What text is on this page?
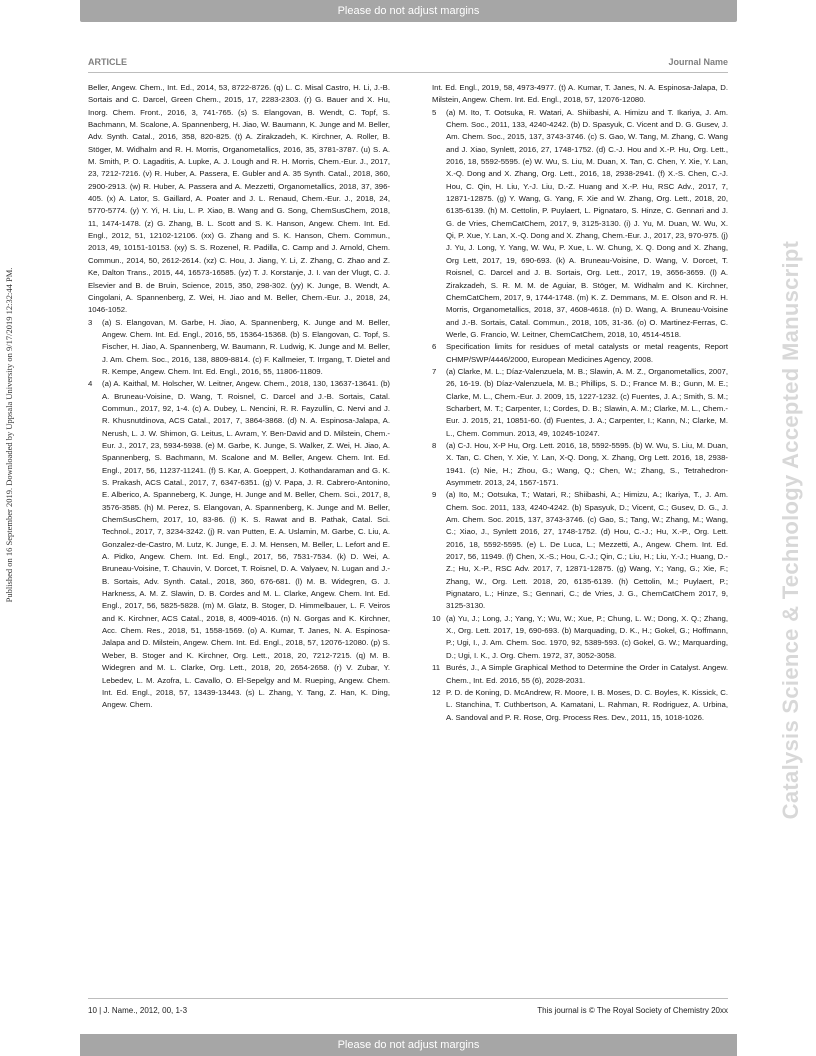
Please do not adjust margins
ARTICLE	Journal Name
Published on 16 September 2019. Downloaded by Uppsala University on 9/17/2019 12:32:44 PM.	Catalysis Science & Technology Accepted Manuscript

Beller, Angew. Chem., Int. Ed., 2014, 53, 8722-8726. (q) L. C. Misal Castro, H. Li, J.-B. Sortais and C. Darcel, Green Chem., 2015, 17, 2283-2303. (r) G. Bauer and X. Hu, Inorg. Chem. Front., 2016, 3, 741-765. (s) S. Elangovan, B. Wendt, C. Topf, S. Bachmann, M. Scalone, A. Spannenberg, H. Jiao, W. Baumann, K. Junge and M. Beller, Adv. Synth. Catal., 2016, 358, 820-825. (t) A. Zirakzadeh, K. Kirchner, A. Roller, B. Stöger, M. Widhalm and R. H. Morris, Organometallics, 2016, 35, 3781-3787. (u) S. A. M. Smith, P. O. Lagaditis, A. Lupke, A. J. Lough and R. H. Morris, Chem.-Eur. J., 2017, 23, 7212-7216. (v) R. Huber, A. Passera, E. Gubler and A. 35 Synth. Catal., 2018, 360, 2900-2913. (w) R. Huber, A. Passera and A. Mezzetti, Organometallics, 2018, 37, 396-405. (x) A. Lator, S. Gaillard, A. Poater and J. L. Renaud, Chem.-Eur. J., 2018, 24, 5770-5774. (y) Y. Yi, H. Liu, L. P. Xiao, B. Wang and G. Song, ChemSusChem, 2018, 11, 1474-1478. (z) G. Zhang, B. L. Scott and S. K. Hanson, Angew. Chem. Int. Ed. Engl., 2012, 51, 12102-12106. (xx) G. Zhang and S. K. Hanson, Chem. Commun., 2013, 49, 10151-10153. (xy) S. S. Rozenel, R. Padilla, C. Camp and J. Arnold, Chem. Commun., 2014, 50, 2612-2614. (xz) C. Hou, J. Jiang, Y. Li, Z. Zhang, C. Zhao and Z. Ke, Dalton Trans., 2015, 44, 16573-16585. (yz) T. J. Korstanje, J. I. van der Vlugt, C. J. Elsevier and B. de Bruin, Science, 2015, 350, 298-302. (yy) K. Junge, B. Wendt, A. Cingolani, A. Spannenberg, Z. Wei, H. Jiao and M. Beller, Chem.-Eur. J., 2018, 24, 1046-1052.

3 (a) S. Elangovan, M. Garbe, H. Jiao, A. Spannenberg, K. Junge and M. Beller, Angew. Chem. Int. Ed. Engl., 2016, 55, 15364-15368. (b) S. Elangovan, C. Topf, S. Fischer, H. Jiao, A. Spannenberg, W. Baumann, R. Ludwig, K. Junge and M. Beller, J. Am. Chem. Soc., 2016, 138, 8809-8814. (c) F. Kallmeier, T. Irrgang, T. Dietel and R. Kempe, Angew. Chem. Int. Ed. Engl., 2016, 55, 11806-11809.
4 (a) A. Kaithal, M. Holscher, W. Leitner, Angew. Chem., 2018, 130, 13637-13641. (b) A. Bruneau-Voisine, D. Wang, T. Roisnel, C. Darcel and J.-B. Sortais, Catal. Commun., 2017, 92, 1-4. (c) A. Dubey, L. Nencini, R. R. Fayzullin, C. Nervi and J. R. Khusnutdinova, ACS Catal., 2017, 7, 3864-3868. (d) N. A. Espinosa-Jalapa, A. Nerush, L. J. W. Shimon, G. Leitus, L. Avram, Y. Ben-David and D. Milstein, Chem.-Eur. J., 2017, 23, 5934-5938. (e) M. Garbe, K. Junge, S. Walker, Z. Wei, H. Jiao, A. Spannenberg, S. Bachmann, M. Scalone and M. Beller, Angew. Chem. Int. Ed. Engl., 2017, 56, 11237-11241. (f) S. Kar, A. Goeppert, J. Kothandaraman and G. K. S. Prakash, ACS Catal., 2017, 7, 6347-6351. (g) V. Papa, J. R. Cabrero-Antonino, E. Alberico, A. Spanneberg, K. Junge, H. Junge and M. Beller, Chem. Sci., 2017, 8, 3576-3585. (h) M. Perez, S. Elangovan, A. Spannenberg, K. Junge and M. Beller, ChemSusChem, 2017, 10, 83-86. (i) K. S. Rawat and B. Pathak, Catal. Sci. Technol., 2017, 7, 3234-3242. (j) R. van Putten, E. A. Uslamin, M. Garbe, C. Liu, A. Gonzalez-de-Castro, M. Lutz, K. Junge, E. J. M. Hensen, M. Beller, L. Lefort and E. A. Pidko, Angew. Chem. Int. Ed. Engl., 2017, 56, 7531-7534. (k) D. Wei, A. Bruneau-Voisine, T. Chauvin, V. Dorcet, T. Roisnel, D. A. Valyaev, N. Lugan and J.-B. Sortais, Adv. Synth. Catal., 2018, 360, 676-681. (l) M. B. Widegren, G. J. Harkness, A. M. Z. Slawin, D. B. Cordes and M. L. Clarke, Angew. Chem. Int. Ed. Engl., 2017, 56, 5825-5828. (m) M. Glatz, B. Stoger, D. Himmelbauer, L. F. Veiros and K. Kirchner, ACS Catal., 2018, 8, 4009-4016. (n) N. Gorgas and K. Kirchner, Acc. Chem. Res., 2018, 51, 1558-1569. (o) A. Kumar, T. Janes, N. A. Espinosa-Jalapa and D. Milstein, Angew. Chem. Int. Ed. Engl., 2018, 57, 12076-12080. (p) S. Weber, B. Stoger and K. Kirchner, Org. Lett., 2018, 20, 7212-7215. (q) M. B. Widegren and M. L. Clarke, Org. Lett., 2018, 20, 2654-2658. (r) V. Zubar, Y. Lebedev, L. M. Azofra, L. Cavallo, O. El-Sepelgy and M. Rueping, Angew. Chem. Int. Ed. Engl., 2018, 57, 13439-13443. (s) L. Zhang, Y. Tang, Z. Han, K. Ding, Angew. Chem.

Int. Ed. Engl., 2019, 58, 4973-4977. (t) A. Kumar, T. Janes, N. A. Espinosa-Jalapa, D. Milstein, Angew. Chem. Int. Ed. Engl., 2018, 57, 12076-12080.

5 (a) M. Ito, T. Ootsuka, R. Watari, A. Shiibashi, A. Himizu and T. Ikariya, J. Am. Chem. Soc., 2011, 133, 4240-4242. (b) D. Spasyuk, C. Vicent and D. G. Gusev, J. Am. Chem. Soc., 2015, 137, 3743-3746. (c) S. Gao, W. Tang, M. Zhang, C. Wang and J. Xiao, Synlett, 2016, 27, 1748-1752. (d) C.-J. Hou and X.-P. Hu, Org. Lett., 2016, 18, 5592-5595. (e) W. Wu, S. Liu, M. Duan, X. Tan, C. Chen, Y. Xie, Y. Lan, X.-Q. Dong and X. Zhang, Org. Lett., 2016, 18, 2938-2941. (f) X.-S. Chen, C.-J. Hou, C. Qin, H. Liu, Y.-J. Liu, D.-Z. Huang and X.-P. Hu, RSC Adv., 2017, 7, 12871-12875. (g) Y. Wang, G. Yang, F. Xie and W. Zhang, Org. Lett., 2018, 20, 6135-6139. (h) M. Cettolin, P. Puylaert, L. Pignataro, S. Hinze, C. Gennari and J. G. de Vries, ChemCatChem, 2017, 9, 3125-3130. (i) J. Yu, M. Duan, W. Wu, X. Qi, P. Xue, Y. Lan, X.-Q. Dong and X. Zhang, Chem.-Eur. J., 2017, 23, 970-975. (j) J. Yu, J. Long, Y. Yang, W. Wu, P. Xue, L. W. Chung, X. Q. Dong and X. Zhang, Org Lett, 2017, 19, 690-693. (k) A. Bruneau-Voisine, D. Wang, V. Dorcet, T. Roisnel, C. Darcel and J. B. Sortais, Org. Lett., 2017, 19, 3656-3659. (l) A. Zirakzadeh, S. R. M. M. de Aguiar, B. Stöger, M. Widhalm and K. Kirchner, ChemCatChem, 2017, 9, 1744-1748. (m) K. Z. Demmans, M. E. Olson and R. H. Morris, Organometallics, 2018, 37, 4608-4618. (n) D. Wang, A. Bruneau-Voisine and J.-B. Sortais, Catal. Commun., 2018, 105, 31-36. (o) O. Martinez-Ferras, C. Werle, G. Francio, W. Leitner, ChemCatChem, 2018, 10, 4514-4518.
6 Specification limits for residues of metal catalysts or metal reagents, Report CHMP/SWP/4446/2000, European Medicines Agency, 2008.
7 (a) Clarke, M. L.; Díaz-Valenzuela, M. B.; Slawin, A. M. Z., Organometallics, 2007, 26, 16-19. (b) Díaz-Valenzuela, M. B.; Phillips, S. D.; France M. B.; Gunn, M. E.; Clarke, M. L., Chem.-Eur. J. 2009, 15, 1227-1232. (c) Fuentes, J. A.; Smith, S. M.; Scharbert, M. T.; Carpenter, I.; Cordes, D. B.; Slawin, A. M.; Clarke, M. L., Chem.-Eur. J. 2015, 21, 10851-60. (d) Fuentes, J. A.; Carpenter, I.; Kann, N.; Clarke, M. L., Chem. Commun. 2013, 49, 10245-10247.
8 (a) C-J. Hou, X-P Hu, Org. Lett. 2016, 18, 5592-5595. (b) W. Wu, S. Liu, M. Duan, X. Tan, C. Chen, Y. Xie, Y. Lan, X-Q. Dong, X. Zhang, Org Lett. 2016, 18, 2938-1941. (c) Nie, H.; Zhou, G.; Wang, Q.; Chen, W.; Zhang, S., Tetrahedron-Asymmetr. 2013, 24, 1567-1571.
9 (a) Ito, M.; Ootsuka, T.; Watari, R.; Shiibashi, A.; Himizu, A.; Ikariya, T., J. Am. Chem. Soc. 2011, 133, 4240-4242. (b) Spasyuk, D.; Vicent, C.; Gusev, D. G., J. Am. Chem. Soc. 2015, 137, 3743-3746. (c) Gao, S.; Tang, W.; Zhang, M.; Wang, C.; Xiao, J., Synlett 2016, 27, 1748-1752. (d) Hou, C.-J.; Hu, X.-P., Org. Lett. 2016, 18, 5592-5595. (e) L. De Luca, L.; Mezzetti, A., Angew. Chem. Int. Ed. 2017, 56, 11949. (f) Chen, X.-S.; Hou, C.-J.; Qin, C.; Liu, H.; Liu, Y.-J.; Huang, D.-Z.; Hu, X.-P., RSC Adv. 2017, 7, 12871-12875. (g) Wang, Y.; Yang, G.; Xie, F.; Zhang, W., Org. Lett. 2018, 20, 6135-6139. (h) Cettolin, M.; Puylaert, P.; Pignataro, L.; Hinze, S.; Gennari, C.; de Vries, J. G., ChemCatChem 2017, 9, 3125-3130.
10 (a) Yu, J.; Long, J.; Yang, Y.; Wu, W.; Xue, P.; Chung, L. W.; Dong, X. Q.; Zhang, X., Org. Lett. 2017, 19, 690-693. (b) Marquading, D. K., H.; Gokel, G.; Hoffmann, P.; Ugi, I., J. Am. Chem. Soc. 1970, 92, 5389-593. (c) Gokel, G. W.; Marquarding, D.; Ugi, I. K., J. Org. Chem. 1972, 37, 3052-3058.
11 Burés, J., A Simple Graphical Method to Determine the Order in Catalyst. Angew. Chem., Int. Ed. 2016, 55 (6), 2028-2031.
12 P. D. de Koning, D. McAndrew, R. Moore, I. B. Moses, D. C. Boyles, K. Kissick, C. L. Stanchina, T. Cuthbertson, A. Kamatani, L. Rahman, R. Rodriguez, A. Urbina, A. Sandoval and P. R. Rose, Org. Process Res. Dev., 2011, 15, 1018-1026.
10 | J. Name., 2012, 00, 1-3	This journal is © The Royal Society of Chemistry 20xx
Please do not adjust margins
